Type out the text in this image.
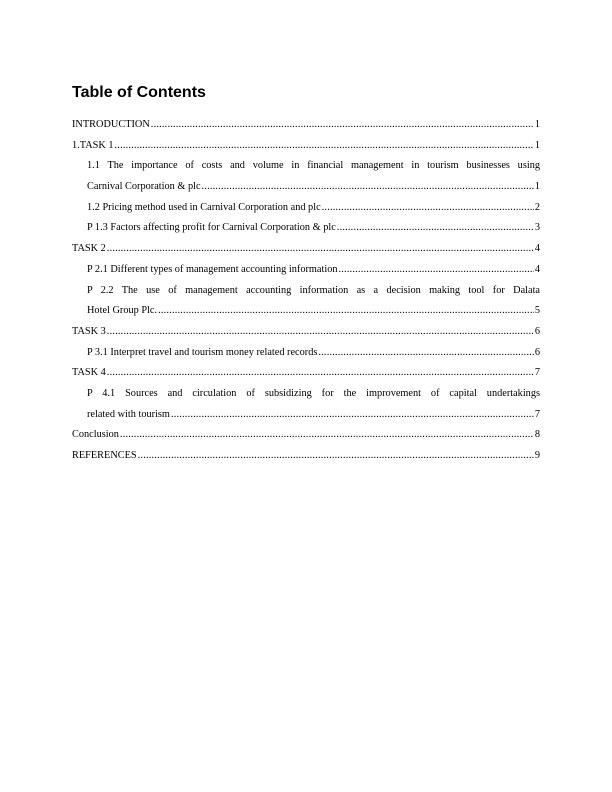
Table of Contents
INTRODUCTION .....	1
1.TASK 1 .....	1
1.1 The importance of costs and volume in financial management in tourism businesses using
Carnival Corporation & plc .....	1
1.2 Pricing method used in Carnival Corporation and plc .....	2
P 1.3 Factors affecting profit for Carnival Corporation & plc .....	3
TASK 2 .....	4
P 2.1 Different types of management accounting information .....	4
P 2.2 The use of management accounting information as a decision making tool for Dalata
Hotel Group Plc. .....	5
TASK 3 .....	6
P 3.1 Interpret travel and tourism money related records .....	6
TASK 4 .....	7
P 4.1 Sources and circulation of subsidizing for the improvement of capital undertakings
related with tourism .....	7
Conclusion .....	8
REFERENCES .....	9
